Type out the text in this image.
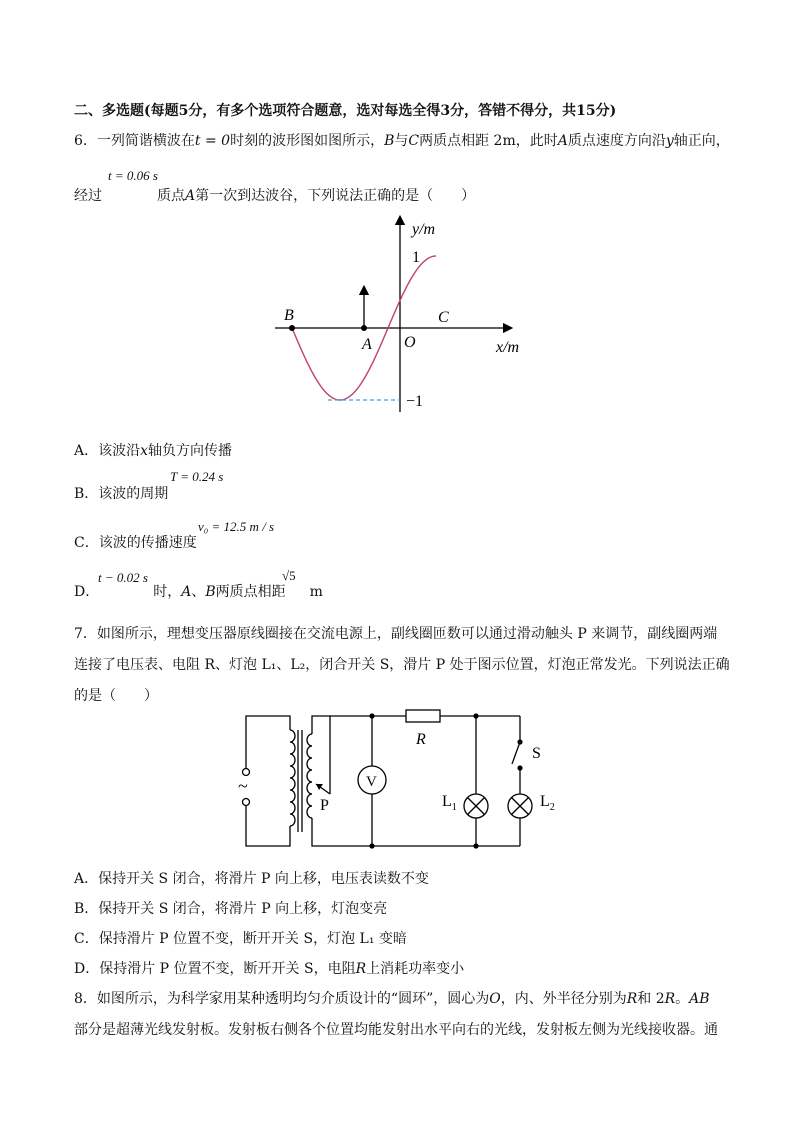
二、多选题(每题5分，有多个选项符合题意，选对每选全得3分，答错不得分，共15分)
6．一列简谐横波在t = 0时刻的波形图如图所示，B与C两质点相距 2m，此时A质点速度方向沿y轴正向，
t = 0.06 s
经过	质点A第一次到达波谷，下列说法正确的是（　　）
y/m
x/m
1
−1
B
A O
C
A．该波沿x轴负方向传播
T = 0.24 s
B．该波的周期
v₀ = 12.5 m / s
C．该波的传播速度
t − 0.02 s	√5
D．	时，A、B两质点相距 m
7．如图所示，理想变压器原线圈接在交流电源上，副线圈匝数可以通过滑动触头 P 来调节，副线圈两端
连接了电压表、电阻 R、灯泡 L₁、L₂，闭合开关 S，滑片 P 处于图示位置，灯泡正常发光。下列说法正确
的是（　　）
~
R
V
P
S
$L_1$	$L_2$
A．保持开关 S 闭合，将滑片 P 向上移，电压表读数不变
B．保持开关 S 闭合，将滑片 P 向上移，灯泡变亮
C．保持滑片 P 位置不变，断开开关 S，灯泡 L₁ 变暗
D．保持滑片 P 位置不变，断开开关 S，电阻R上消耗功率变小
8．如图所示，为科学家用某种透明均匀介质设计的“圆环”，圆心为O，内、外半径分别为R和 2R。AB
部分是超薄光线发射板。发射板右侧各个位置均能发射出水平向右的光线，发射板左侧为光线接收器。通
